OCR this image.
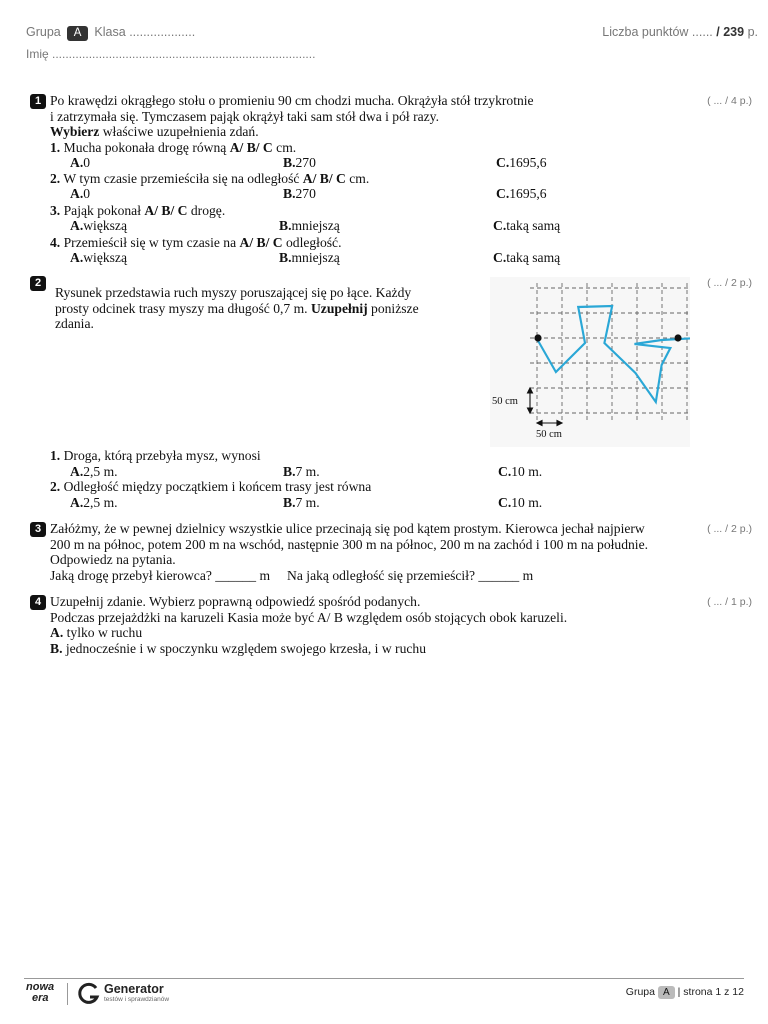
Grupa A Klasa ...................
Imię ...............................................................................
Liczba punktów ...... / 239 p.
1	( ... / 4 p.)
Po krawędzi okrągłego stołu o promieniu 90 cm chodzi mucha. Okrążyła stół trzykrotnie
i zatrzymała się. Tymczasem pająk okrążył taki sam stół dwa i pół razy.
Wybierz właściwe uzupełnienia zdań.
1. Mucha pokonała drogę równą A/ B/ C cm.
A. 0	B. 270	C. 1695,6
2. W tym czasie przemieściła się na odległość A/ B/ C cm.
A. 0	B. 270	C. 1695,6
3. Pająk pokonał A/ B/ C drogę.
A. większą	B. mniejszą	C. taką samą
4. Przemieścił się w tym czasie na A/ B/ C odległość.
A. większą	B. mniejszą	C. taką samą
2	( ... / 2 p.)
Rysunek przedstawia ruch myszy poruszającej się po łące. Każdy
prosty odcinek trasy myszy ma długość 0,7 m. Uzupełnij poniższe
zdania.
50 cm
50 cm
1. Droga, którą przebyła mysz, wynosi
A. 2,5 m.	B. 7 m.	C. 10 m.
2. Odległość między początkiem i końcem trasy jest równa
A. 2,5 m.	B. 7 m.	C. 10 m.
3	( ... / 2 p.)
Załóżmy, że w pewnej dzielnicy wszystkie ulice przecinają się pod kątem prostym. Kierowca jechał najpierw
200 m na północ, potem 200 m na wschód, następnie 300 m na północ, 200 m na zachód i 100 m na południe.
Odpowiedz na pytania.
Jaką drogę przebył kierowca? ______ m     Na jaką odległość się przemieścił? ______ m
4	( ... / 1 p.)
Uzupełnij zdanie. Wybierz poprawną odpowiedź spośród podanych.
Podczas przejażdżki na karuzeli Kasia może być A/ B względem osób stojących obok karuzeli.
A. tylko w ruchu
B. jednocześnie i w spoczynku względem swojego krzesła, i w ruchu
nowa
era
Generator
testów i sprawdzianów
Grupa A | strona 1 z 12
